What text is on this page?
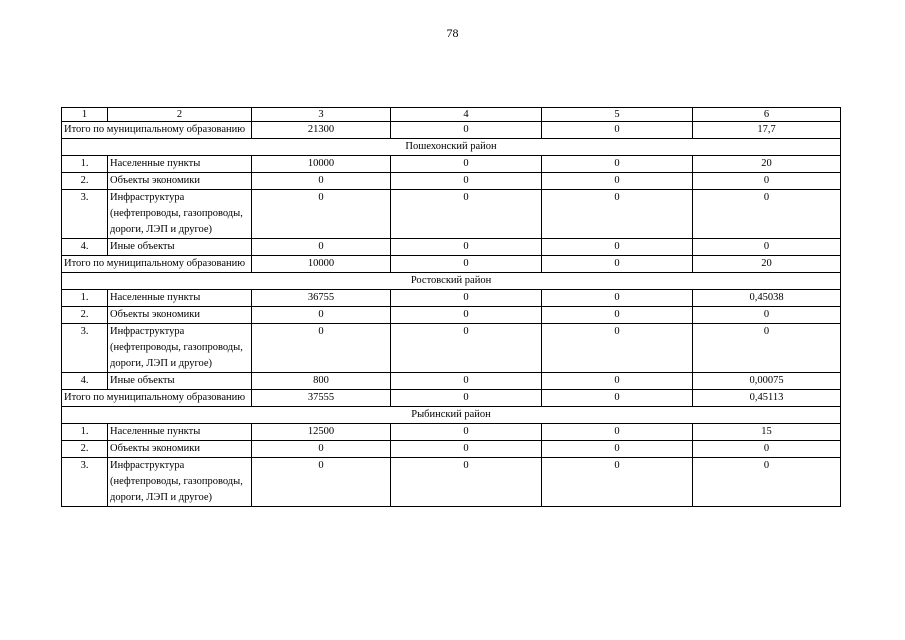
78
1	2	3	4	5	6
Итого по муниципальному образованию		21300	0	0	17,7
Пошехонский район					
1.	Населенные пункты	10000	0	0	20
2.	Объекты экономики	0	0	0	0
3.	Инфраструктура (нефтепроводы, газопроводы, дороги, ЛЭП и другое)	0	0	0	0
4.	Иные объекты	0	0	0	0
Итого по муниципальному образованию		10000	0	0	20
Ростовский район					
1.	Населенные пункты	36755	0	0	0,45038
2.	Объекты экономики	0	0	0	0
3.	Инфраструктура (нефтепроводы, газопроводы, дороги, ЛЭП и другое)	0	0	0	0
4.	Иные объекты	800	0	0	0,00075
Итого по муниципальному образованию		37555	0	0	0,45113
Рыбинский район					
1.	Населенные пункты	12500	0	0	15
2.	Объекты экономики	0	0	0	0
3.	Инфраструктура (нефтепроводы, газопроводы, дороги, ЛЭП и другое)	0	0	0	0
